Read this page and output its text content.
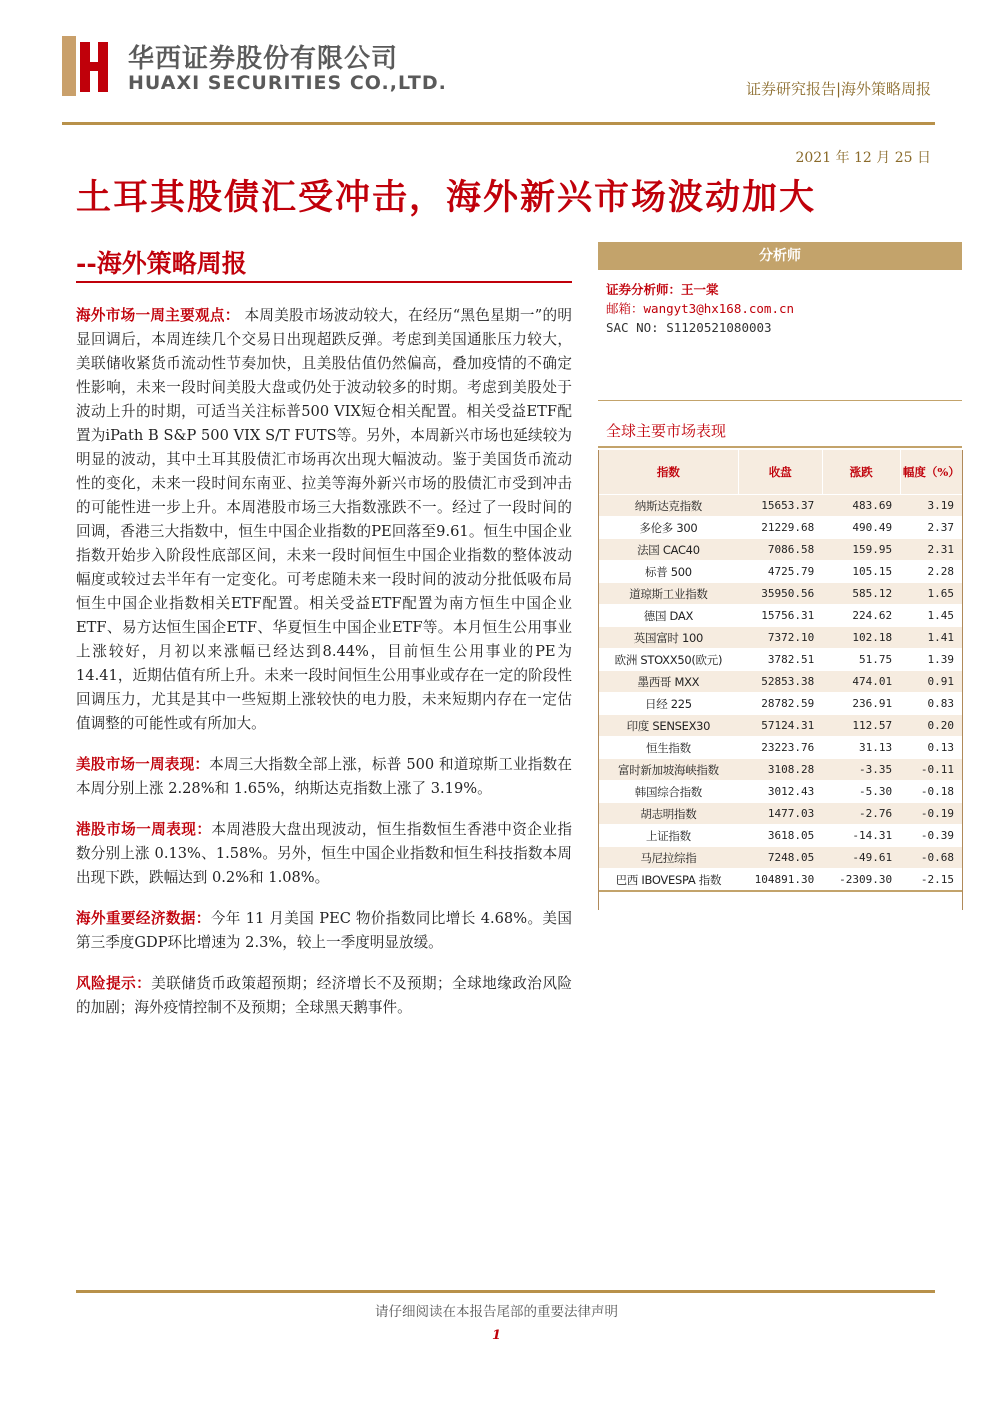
华西证券股份有限公司
HUAXI SECURITIES CO.,LTD.	证券研究报告|海外策略周报
2021 年 12 月 25 日
土耳其股债汇受冲击，海外新兴市场波动加大
--海外策略周报

海外市场一周主要观点： 本周美股市场波动较大，在经历“黑色星期一”的明显回调后，本周连续几个交易日出现超跌反弹。考虑到美国通胀压力较大，美联储收紧货币流动性节奏加快，且美股估值仍然偏高，叠加疫情的不确定性影响，未来一段时间美股大盘或仍处于波动较多的时期。考虑到美股处于波动上升的时期，可适当关注标普500 VIX短仓相关配置。相关受益ETF配置为iPath B S&P 500 VIX S/T FUTS等。另外，本周新兴市场也延续较为明显的波动，其中土耳其股债汇市场再次出现大幅波动。鉴于美国货币流动性的变化，未来一段时间东南亚、拉美等海外新兴市场的股债汇市受到冲击的可能性进一步上升。本周港股市场三大指数涨跌不一。经过了一段时间的回调，香港三大指数中，恒生中国企业指数的PE回落至9.61。恒生中国企业指数开始步入阶段性底部区间，未来一段时间恒生中国企业指数的整体波动幅度或较过去半年有一定变化。可考虑随未来一段时间的波动分批低吸布局恒生中国企业指数相关ETF配置。相关受益ETF配置为南方恒生中国企业ETF、易方达恒生国企ETF、华夏恒生中国企业ETF等。本月恒生公用事业上涨较好，月初以来涨幅已经达到8.44%，目前恒生公用事业的PE为14.41，近期估值有所上升。未来一段时间恒生公用事业或存在一定的阶段性回调压力，尤其是其中一些短期上涨较快的电力股，未来短期内存在一定估值调整的可能性或有所加大。

美股市场一周表现：本周三大指数全部上涨，标普 500 和道琼斯工业指数在本周分别上涨 2.28%和 1.65%，纳斯达克指数上涨了 3.19%。

港股市场一周表现：本周港股大盘出现波动，恒生指数恒生香港中资企业指数分别上涨 0.13%、1.58%。另外，恒生中国企业指数和恒生科技指数本周出现下跌，跌幅达到 0.2%和 1.08%。

海外重要经济数据：今年 11 月美国 PEC 物价指数同比增长 4.68%。美国第三季度GDP环比增速为 2.3%，较上一季度明显放缓。

风险提示：美联储货币政策超预期；经济增长不及预期；全球地缘政治风险的加剧；海外疫情控制不及预期；全球黑天鹅事件。

分析师
证券分析师：王一棠
邮箱：wangyt3@hx168.com.cn
SAC NO: S1120521080003
全球主要市场表现
指数	收盘	涨跌	幅度（%）
纳斯达克指数	15653.37	483.69	3.19
多伦多 300	21229.68	490.49	2.37
法国 CAC40	7086.58	159.95	2.31
标普 500	4725.79	105.15	2.28
道琼斯工业指数	35950.56	585.12	1.65
德国 DAX	15756.31	224.62	1.45
英国富时 100	7372.10	102.18	1.41
欧洲 STOXX50(欧元)	3782.51	51.75	1.39
墨西哥 MXX	52853.38	474.01	0.91
日经 225	28782.59	236.91	0.83
印度 SENSEX30	57124.31	112.57	0.20
恒生指数	23223.76	31.13	0.13
富时新加坡海峡指数	3108.28	-3.35	-0.11
韩国综合指数	3012.43	-5.30	-0.18
胡志明指数	1477.03	-2.76	-0.19
上证指数	3618.05	-14.31	-0.39
马尼拉综指	7248.05	-49.61	-0.68
巴西 IBOVESPA 指数	104891.30	-2309.30	-2.15
请仔细阅读在本报告尾部的重要法律声明
1
